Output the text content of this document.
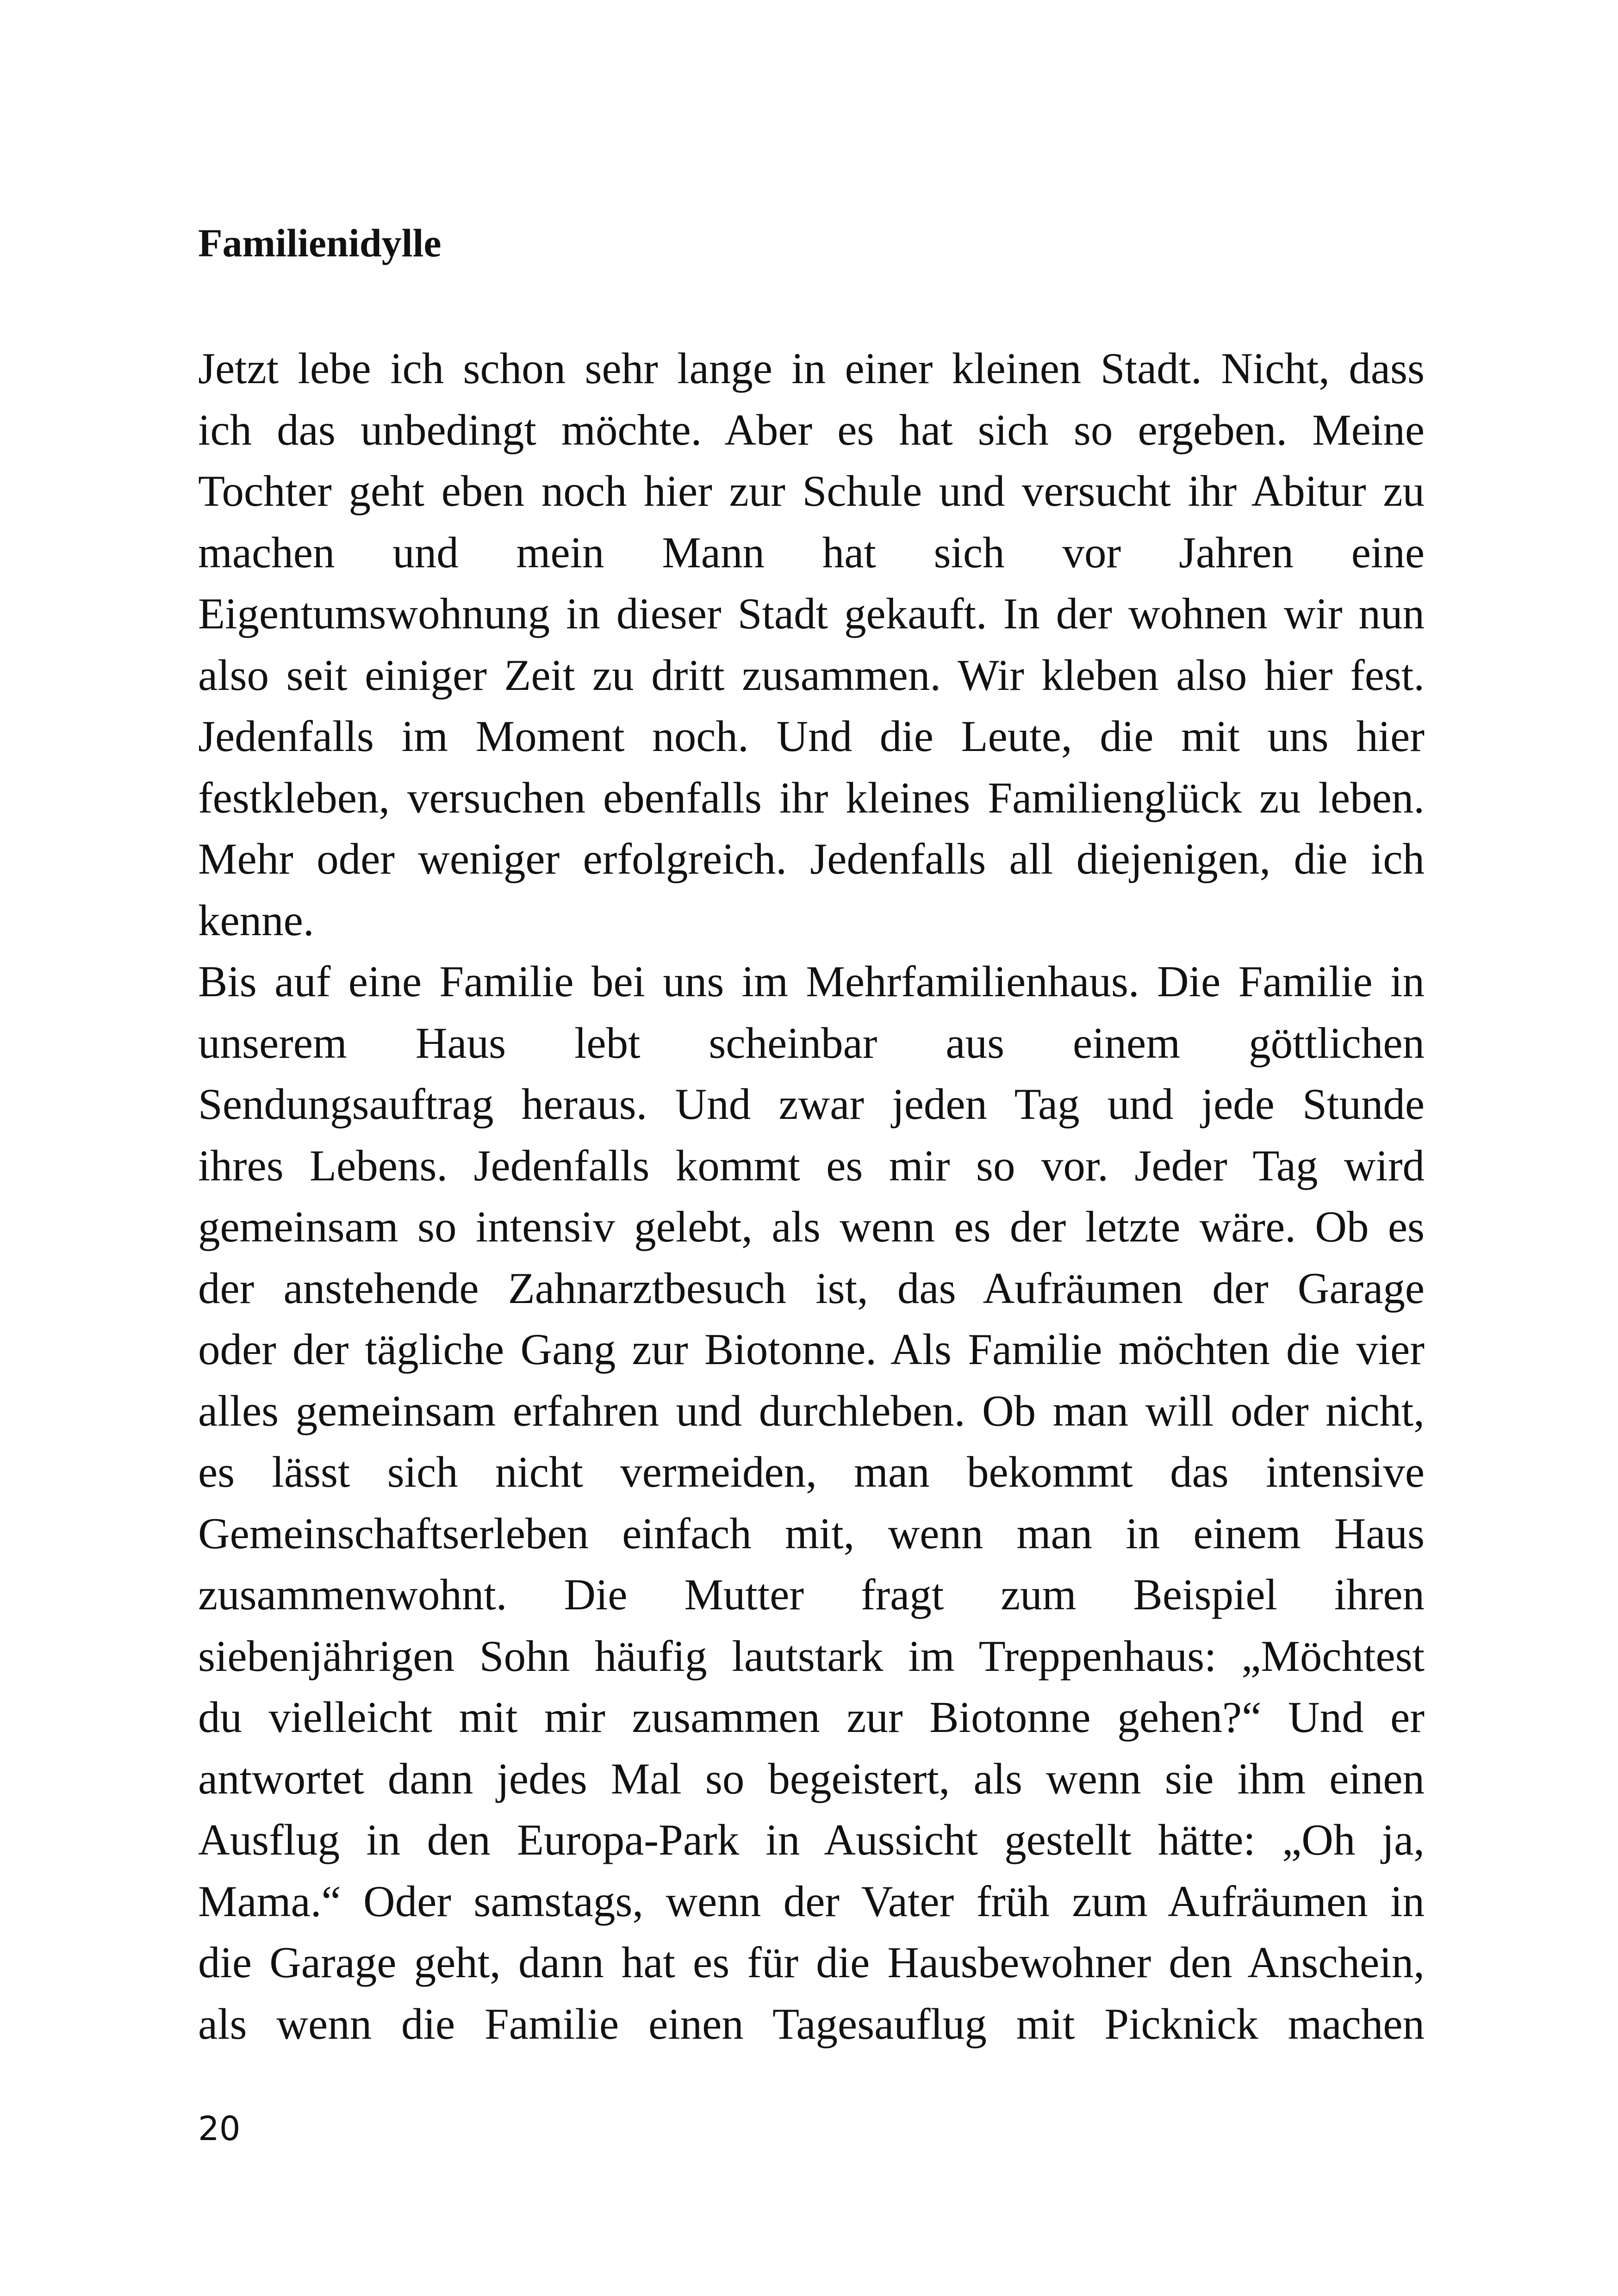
Familienidylle
Jetzt lebe ich schon sehr lange in einer kleinen Stadt. Nicht, dass
ich das unbedingt möchte. Aber es hat sich so ergeben. Meine
Tochter geht eben noch hier zur Schule und versucht ihr Abitur zu
machen und mein Mann hat sich vor Jahren eine
Eigentumswohnung in dieser Stadt gekauft. In der wohnen wir nun
also seit einiger Zeit zu dritt zusammen. Wir kleben also hier fest.
Jedenfalls im Moment noch. Und die Leute, die mit uns hier
festkleben, versuchen ebenfalls ihr kleines Familienglück zu leben.
Mehr oder weniger erfolgreich. Jedenfalls all diejenigen, die ich
kenne.
Bis auf eine Familie bei uns im Mehrfamilienhaus. Die Familie in
unserem Haus lebt scheinbar aus einem göttlichen
Sendungsauftrag heraus. Und zwar jeden Tag und jede Stunde
ihres Lebens. Jedenfalls kommt es mir so vor. Jeder Tag wird
gemeinsam so intensiv gelebt, als wenn es der letzte wäre. Ob es
der anstehende Zahnarztbesuch ist, das Aufräumen der Garage
oder der tägliche Gang zur Biotonne. Als Familie möchten die vier
alles gemeinsam erfahren und durchleben. Ob man will oder nicht,
es lässt sich nicht vermeiden, man bekommt das intensive
Gemeinschaftserleben einfach mit, wenn man in einem Haus
zusammenwohnt. Die Mutter fragt zum Beispiel ihren
siebenjährigen Sohn häufig lautstark im Treppenhaus: „Möchtest
du vielleicht mit mir zusammen zur Biotonne gehen?“ Und er
antwortet dann jedes Mal so begeistert, als wenn sie ihm einen
Ausflug in den Europa-Park in Aussicht gestellt hätte: „Oh ja,
Mama.“ Oder samstags, wenn der Vater früh zum Aufräumen in
die Garage geht, dann hat es für die Hausbewohner den Anschein,
als wenn die Familie einen Tagesauflug mit Picknick machen
20
